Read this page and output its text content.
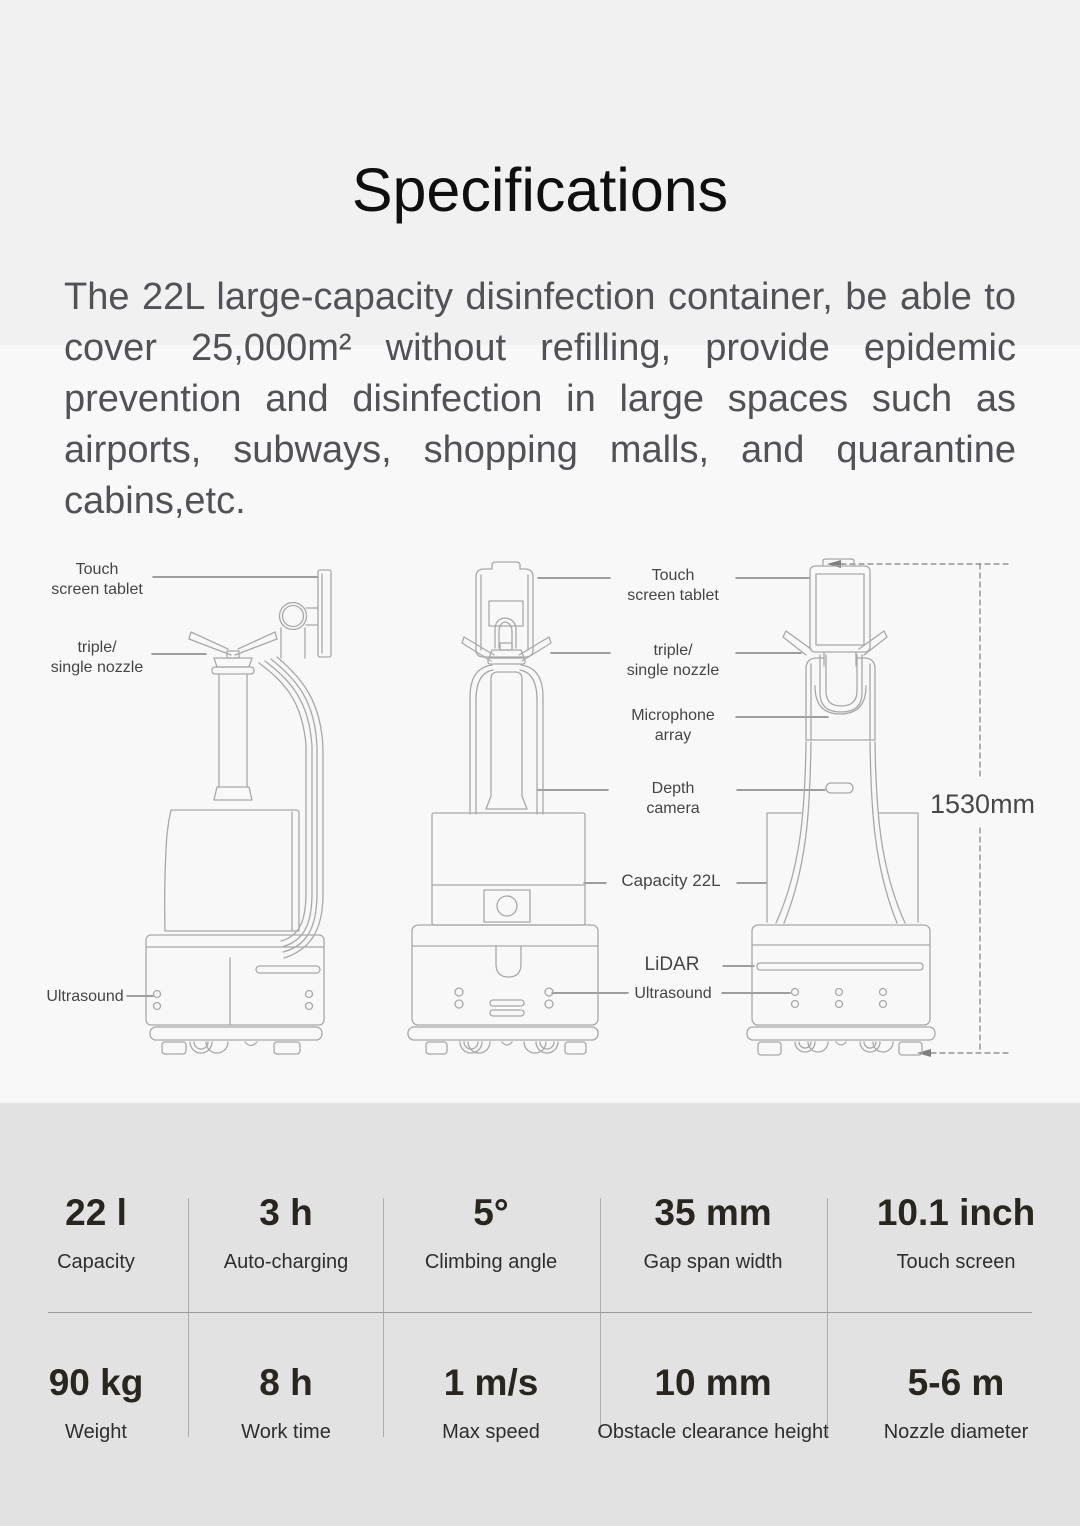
Specifications

The 22L large-capacity disinfection container, be able to cover 25,000m² without refilling, provide epidemic prevention and disinfection in large spaces such as airports, subways, shopping malls, and quarantine cabins,etc.

Touch
screen tablet
triple/
single nozzle
Ultrasound
Touch
screen tablet
triple/
single nozzle
Microphone
array
Depth
camera
Capacity 22L
LiDAR
Ultrasound
1530mm
22 l
Capacity
3 h
Auto-charging
5°
Climbing angle
35 mm
Gap span width
10.1 inch
Touch screen
90 kg
Weight
8 h
Work time
1 m/s
Max speed
10 mm
Obstacle clearance height
5-6 m
Nozzle diameter
